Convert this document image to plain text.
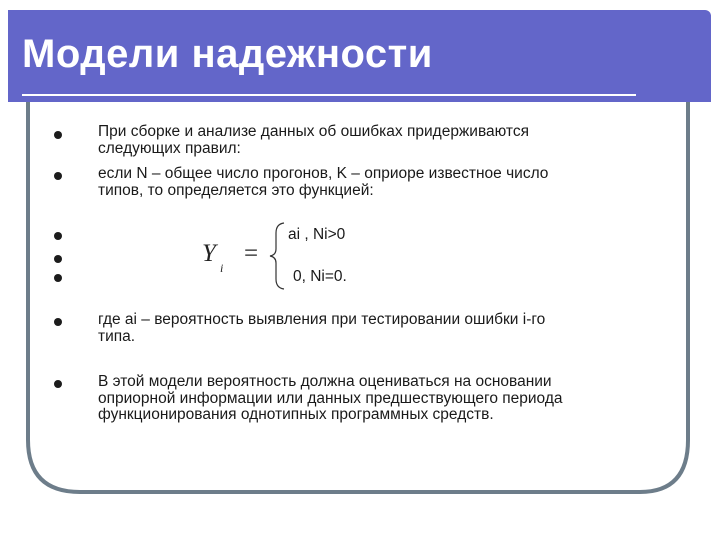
Модели надежности
При сборке и анализе данных об ошибках придерживаются
следующих правил:
если N – общее число прогонов, K – оприоре известное число
типов, то определяется это функцией:
где ai – вероятность выявления при тестировании ошибки i-го
типа.
В этой модели вероятность должна оцениваться на основании
оприорной информации или данных предшествующего периода
функционирования однотипных программных средств.
Y
i
=
ai , Ni>0
0, Ni=0.
